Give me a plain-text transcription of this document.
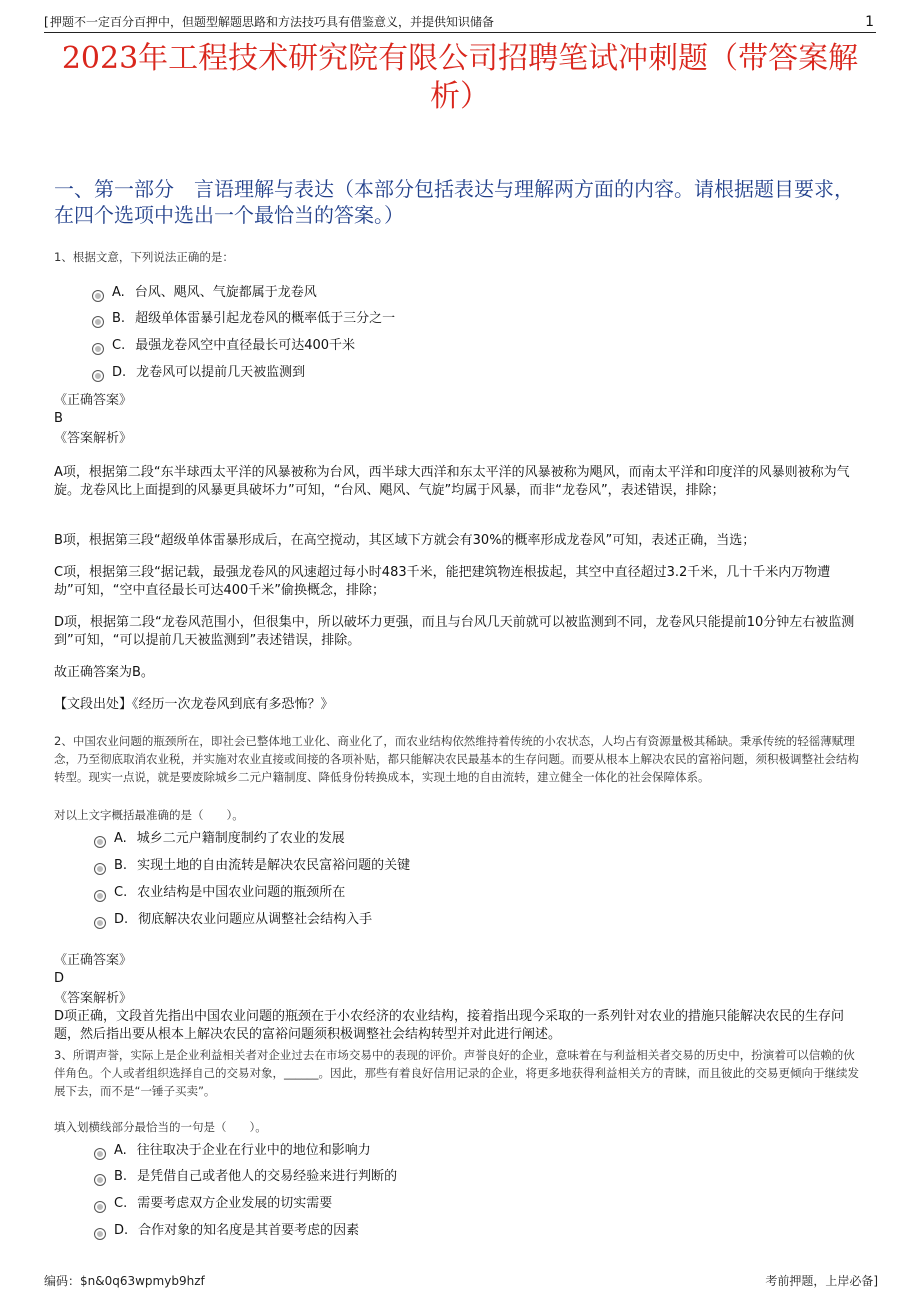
[ 押题不一定百分百押中，但题型解题思路和方法技巧具有借鉴意义，并提供知识储备	1
2023年工程技术研究院有限公司招聘笔试冲刺题（带答案解析）
一、第一部分　言语理解与表达（本部分包括表达与理解两方面的内容。请根据题目要求，在四个选项中选出一个最恰当的答案。）
1、根据文意，下列说法正确的是：
A. 台风、飓风、气旋都属于龙卷风
B. 超级单体雷暴引起龙卷风的概率低于三分之一
C. 最强龙卷风空中直径最长可达400千米
D. 龙卷风可以提前几天被监测到
《正确答案》
B
《答案解析》
A项，根据第二段“东半球西太平洋的风暴被称为台风，西半球大西洋和东太平洋的风暴被称为飓风，而南太平洋和印度洋的风暴则被称为气旋。龙卷风比上面提到的风暴更具破坏力”可知，“台风、飓风、气旋”均属于风暴，而非“龙卷风”，表述错误，排除；
B项，根据第三段“超级单体雷暴形成后，在高空搅动，其区域下方就会有30%的概率形成龙卷风”可知，表述正确，当选；
C项，根据第三段“据记载，最强龙卷风的风速超过每小时483千米，能把建筑物连根拔起，其空中直径超过3.2千米，几十千米内万物遭劫”可知，“空中直径最长可达400千米”偷换概念，排除；
D项，根据第二段“龙卷风范围小，但很集中，所以破坏力更强，而且与台风几天前就可以被监测到不同，龙卷风只能提前10分钟左右被监测到”可知，“可以提前几天被监测到”表述错误，排除。
故正确答案为B。
【文段出处】《经历一次龙卷风到底有多恐怖？》
2、中国农业问题的瓶颈所在，即社会已整体地工业化、商业化了，而农业结构依然维持着传统的小农状态，人均占有资源量极其稀缺。秉承传统的轻徭薄赋理念，乃至彻底取消农业税，并实施对农业直接或间接的各项补贴，都只能解决农民最基本的生存问题。而要从根本上解决农民的富裕问题，须积极调整社会结构转型。现实一点说，就是要废除城乡二元户籍制度、降低身份转换成本，实现土地的自由流转，建立健全一体化的社会保障体系。
对以上文字概括最准确的是（　　）。
A. 城乡二元户籍制度制约了农业的发展
B. 实现土地的自由流转是解决农民富裕问题的关键
C. 农业结构是中国农业问题的瓶颈所在
D. 彻底解决农业问题应从调整社会结构入手
《正确答案》
D
《答案解析》
D项正确，文段首先指出中国农业问题的瓶颈在于小农经济的农业结构，接着指出现今采取的一系列针对农业的措施只能解决农民的生存问题，然后指出要从根本上解决农民的富裕问题须积极调整社会结构转型并对此进行阐述。
3、所谓声誉，实际上是企业利益相关者对企业过去在市场交易中的表现的评价。声誉良好的企业，意味着在与利益相关者交易的历史中，扮演着可以信赖的伙伴角色。个人或者组织选择自己的交易对象，______。因此，那些有着良好信用记录的企业，将更多地获得利益相关方的青睐，而且彼此的交易更倾向于继续发展下去，而不是“一锤子买卖”。
填入划横线部分最恰当的一句是（　　）。
A. 往往取决于企业在行业中的地位和影响力
B. 是凭借自己或者他人的交易经验来进行判断的
C. 需要考虑双方企业发展的切实需要
D. 合作对象的知名度是其首要考虑的因素
编码：$n&0q63wpmyb9hzf	考前押题，上岸必备]
